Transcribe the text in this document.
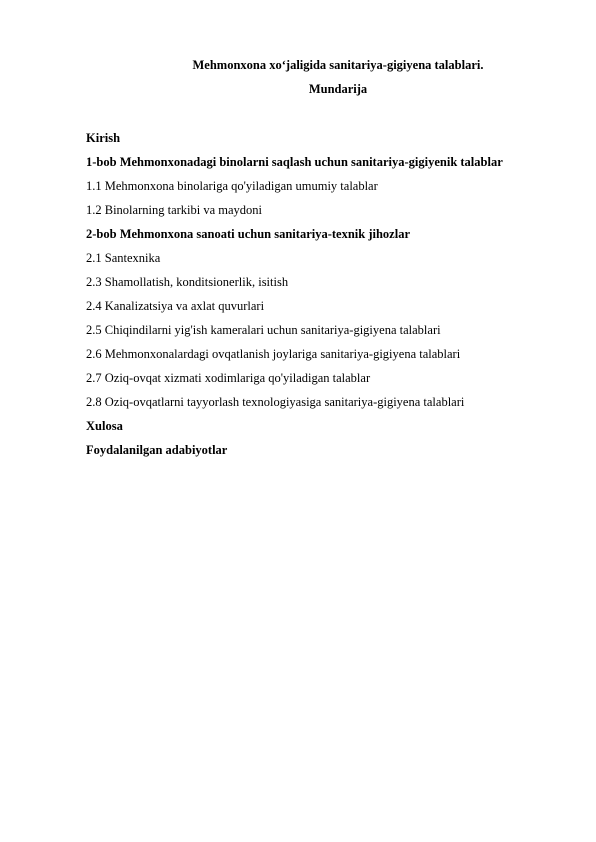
Mehmonxona xo‘jaligida sanitariya-gigiyena talablari.
Mundarija
Kirish
1-bob Mehmonxonadagi binolarni saqlash uchun sanitariya-gigiyenik talablar
1.1 Mehmonxona binolariga qo'yiladigan umumiy talablar
1.2 Binolarning tarkibi va maydoni
2-bob Mehmonxona sanoati uchun sanitariya-texnik jihozlar
2.1 Santexnika
2.3 Shamollatish, konditsionerlik, isitish
2.4 Kanalizatsiya va axlat quvurlari
2.5 Chiqindilarni yig'ish kameralari uchun sanitariya-gigiyena talablari
2.6 Mehmonxonalardagi ovqatlanish joylariga sanitariya-gigiyena talablari
2.7 Oziq-ovqat xizmati xodimlariga qo'yiladigan talablar
2.8 Oziq-ovqatlarni tayyorlash texnologiyasiga sanitariya-gigiyena talablari
Xulosa
Foydalanilgan adabiyotlar
